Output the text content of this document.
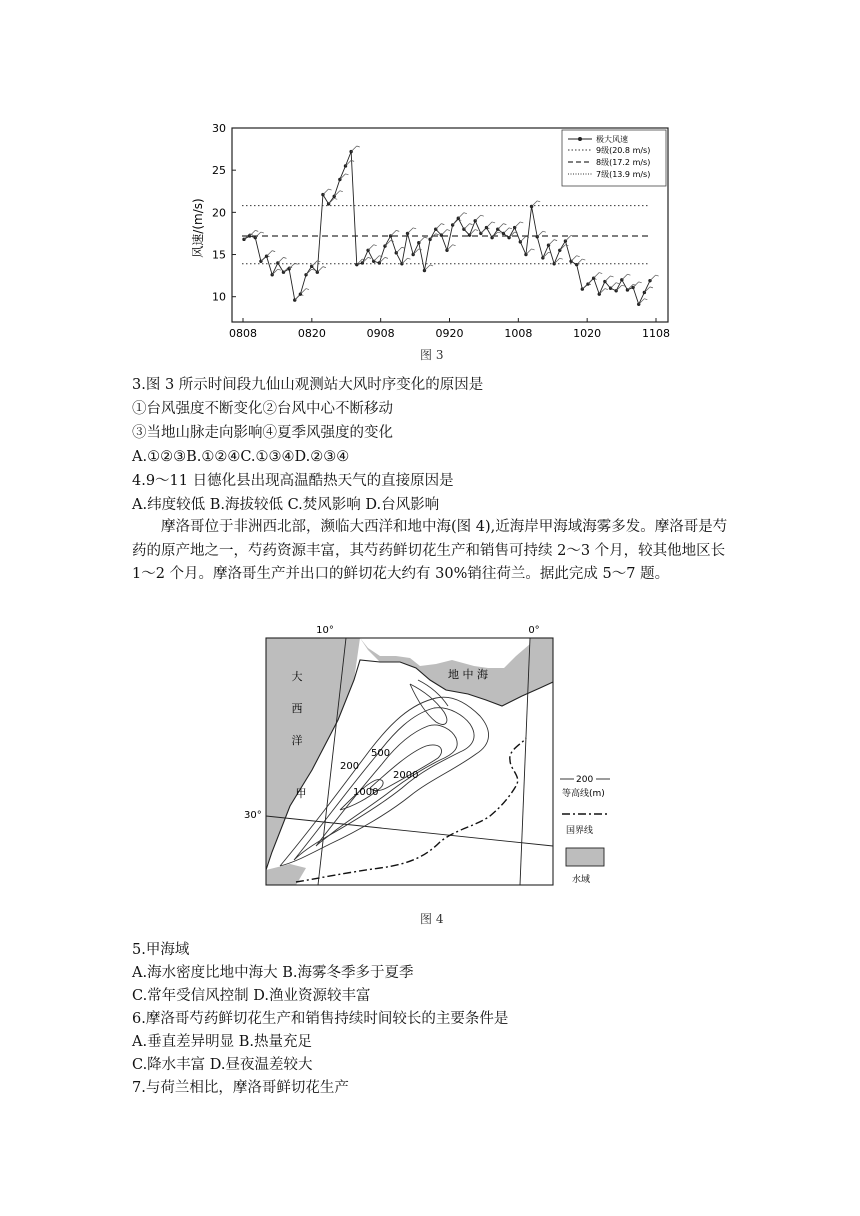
10
15
20
25
30
0808	0820	0908	0920	1008	1020	1108
风速/(m/s)
极大风速
9级(20.8 m/s)
8级(17.2 m/s)
7级(13.9 m/s)
图 3
3.图 3 所示时间段九仙山观测站大风时序变化的原因是
①台风强度不断变化②台风中心不断移动
③当地山脉走向影响④夏季风强度的变化
A.①②③B.①②④C.①③④D.②③④
4.9～11 日德化县出现高温酷热天气的直接原因是
A.纬度较低 B.海拔较低 C.焚风影响 D.台风影响
摩洛哥位于非洲西北部，濒临大西洋和地中海(图 4),近海岸甲海域海雾多发。摩洛哥是芍药的原产地之一，芍药资源丰富，其芍药鲜切花生产和销售可持续 2～3 个月，较其他地区长 1～2 个月。摩洛哥生产并出口的鲜切花大约有 30%销往荷兰。据此完成 5～7 题。
10°	0°
30°
地 中 海
大
西
洋
甲
500
200
2000
1000
200
等高线(m)
国界线
水域
图 4
5.甲海域
A.海水密度比地中海大 B.海雾冬季多于夏季
C.常年受信风控制 D.渔业资源较丰富
6.摩洛哥芍药鲜切花生产和销售持续时间较长的主要条件是
A.垂直差异明显 B.热量充足
C.降水丰富 D.昼夜温差较大
7.与荷兰相比，摩洛哥鲜切花生产
